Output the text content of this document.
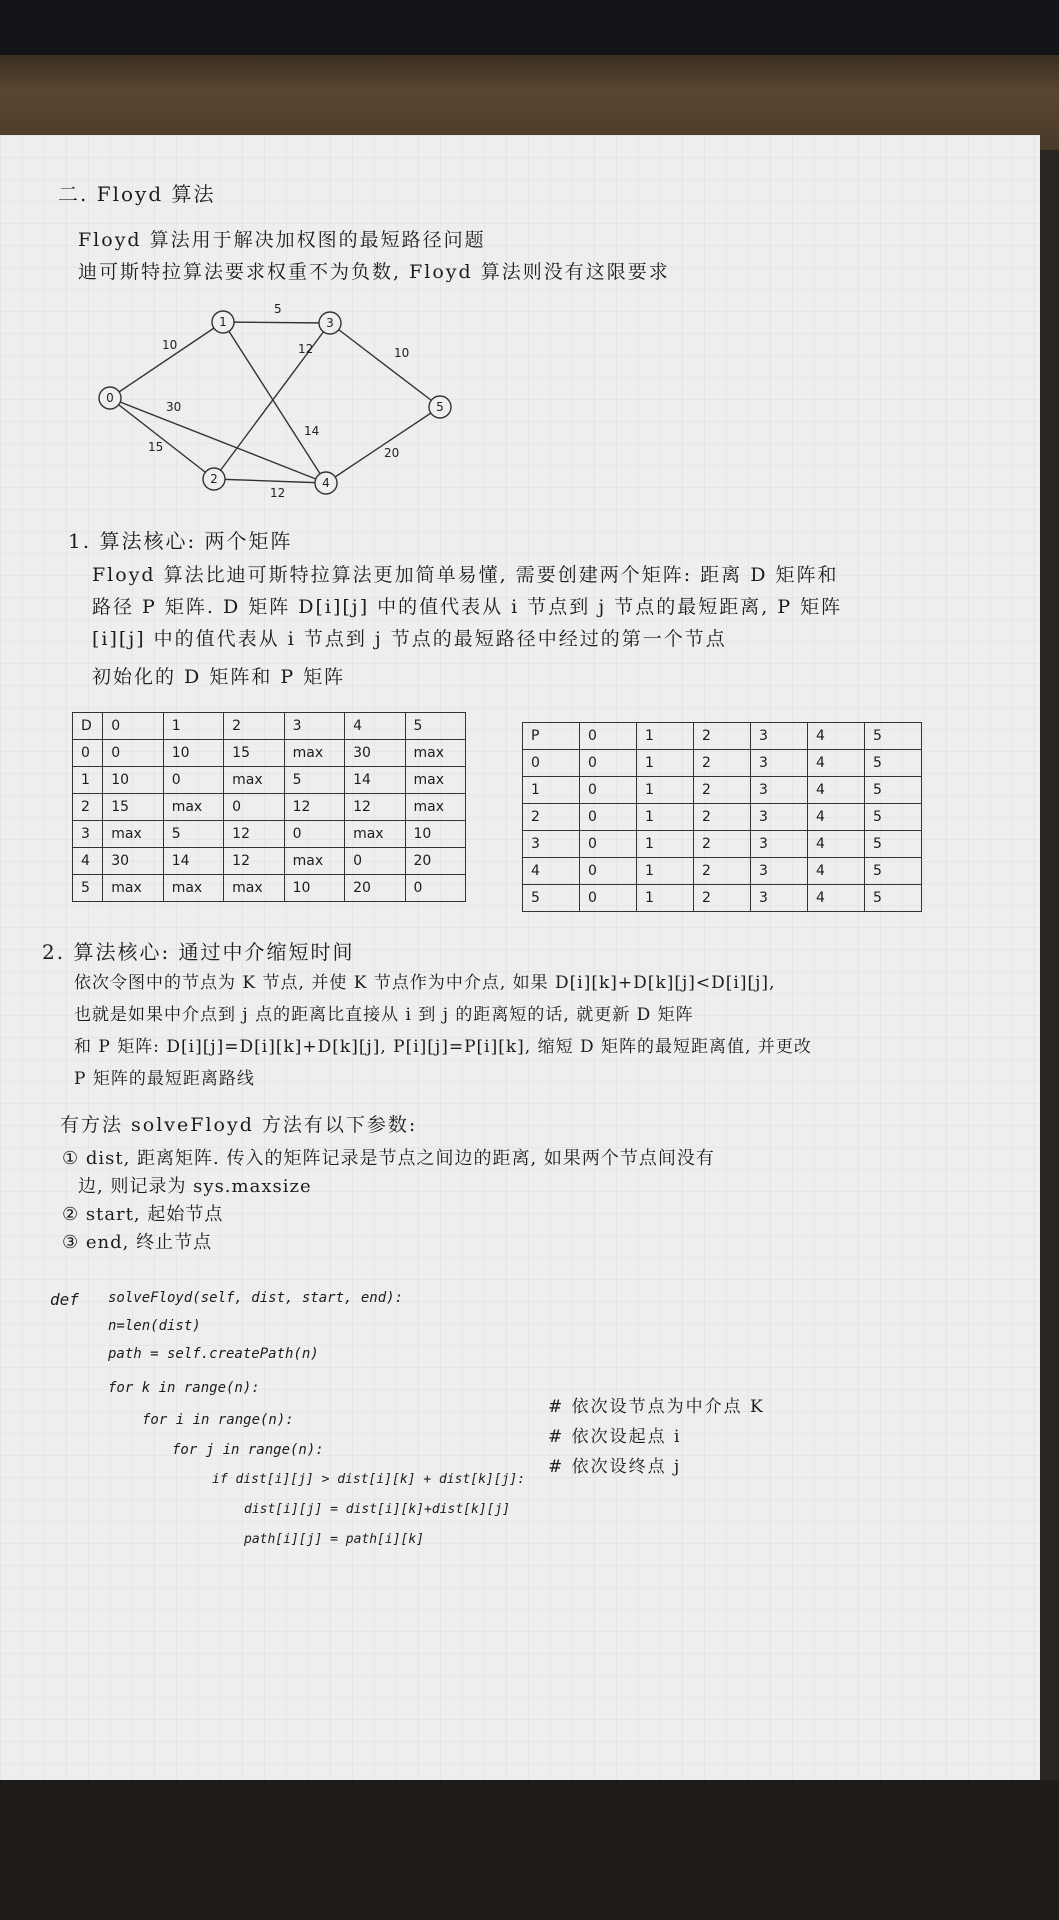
二. Floyd 算法
Floyd 算法用于解决加权图的最短路径问题
迪可斯特拉算法要求权重不为负数, Floyd 算法则没有这限要求
10
5
10
14
12
30
15
12
20
0
1
2
3
4
5
1. 算法核心: 两个矩阵
Floyd 算法比迪可斯特拉算法更加简单易懂, 需要创建两个矩阵: 距离 D 矩阵和
路径 P 矩阵. D 矩阵 D[i][j] 中的值代表从 i 节点到 j 节点的最短距离, P 矩阵
[i][j] 中的值代表从 i 节点到 j 节点的最短路径中经过的第一个节点
初始化的 D 矩阵和 P 矩阵
D	0	1	2	3	4	5
0	0	10	15	max	30	max
1	10	0	max	5	14	max
2	15	max	0	12	12	max
3	max	5	12	0	max	10
4	30	14	12	max	0	20
5	max	max	max	10	20	0
P	0	1	2	3	4	5
0	0	1	2	3	4	5
1	0	1	2	3	4	5
2	0	1	2	3	4	5
3	0	1	2	3	4	5
4	0	1	2	3	4	5
5	0	1	2	3	4	5
2. 算法核心: 通过中介缩短时间
依次令图中的节点为 K 节点, 并使 K 节点作为中介点, 如果 D[i][k]+D[k][j]<D[i][j],
也就是如果中介点到 j 点的距离比直接从 i 到 j 的距离短的话, 就更新 D 矩阵
和 P 矩阵: D[i][j]=D[i][k]+D[k][j], P[i][j]=P[i][k], 缩短 D 矩阵的最短距离值, 并更改
P 矩阵的最短距离路线
有方法 solveFloyd 方法有以下参数:
① dist, 距离矩阵. 传入的矩阵记录是节点之间边的距离, 如果两个节点间没有
边, 则记录为 sys.maxsize
② start, 起始节点
③ end, 终止节点
def solveFloyd(self, dist, start, end):
n=len(dist)
path = self.createPath(n)
for k in range(n):
for i in range(n):
for j in range(n):
if dist[i][j] > dist[i][k] + dist[k][j]:
dist[i][j] = dist[i][k]+dist[k][j]
path[i][j] = path[i][k]
# 依次设节点为中介点 K
# 依次设起点 i
# 依次设终点 j
